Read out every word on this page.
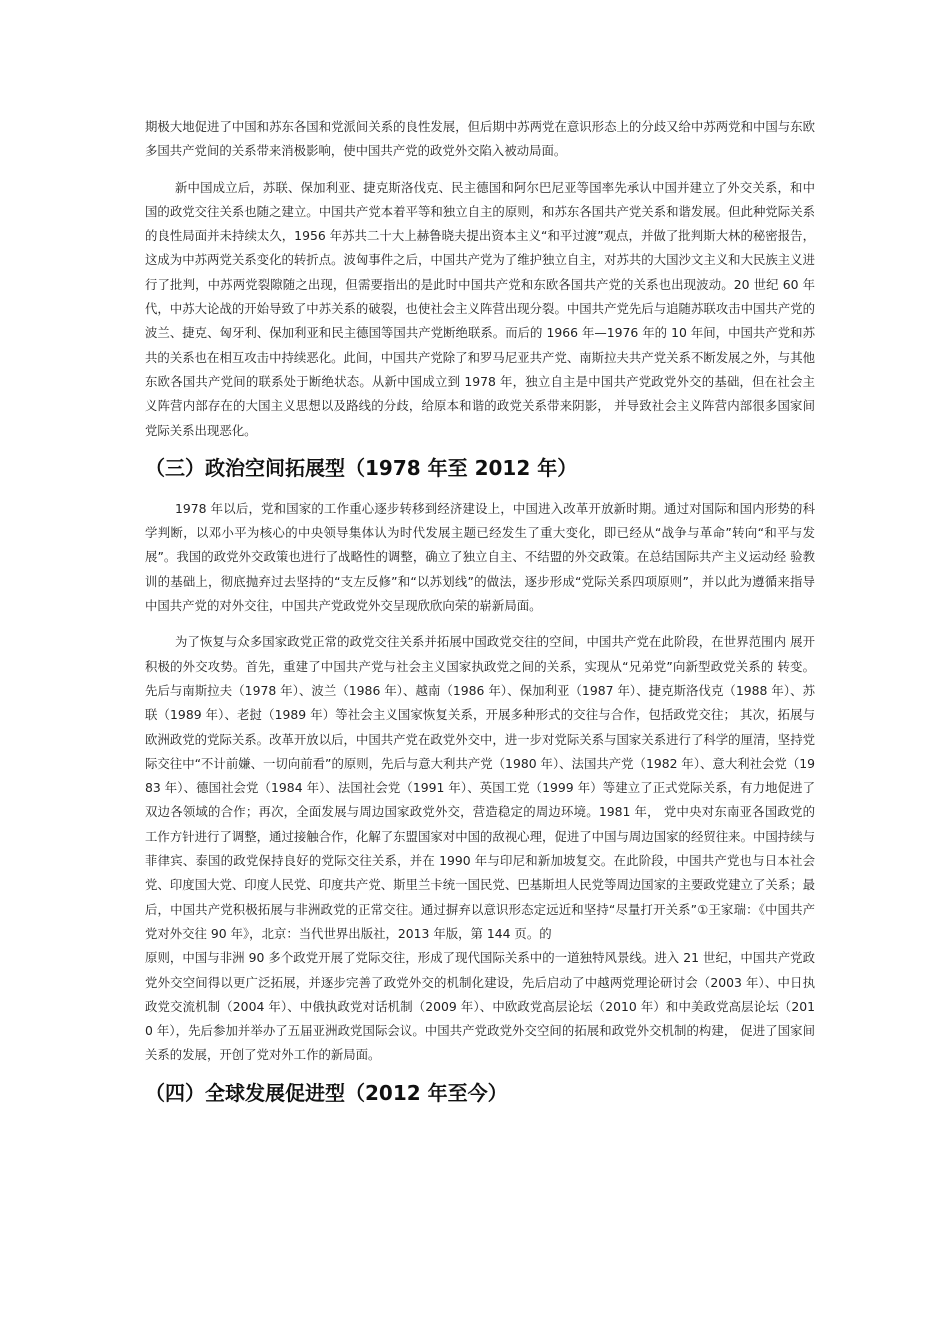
期极大地促进了中国和苏东各国和党派间关系的良性发展，但后期中苏两党在意识形态上的分歧又给中苏两党和中国与东欧多国共产党间的关系带来消极影响，使中国共产党的政党外交陷入被动局面。

新中国成立后，苏联、保加利亚、捷克斯洛伐克、民主德国和阿尔巴尼亚等国率先承认中国并建立了外交关系，和中国的政党交往关系也随之建立。中国共产党本着平等和独立自主的原则，和苏东各国共产党关系和谐发展。但此种党际关系的良性局面并未持续太久，1956 年苏共二十大上赫鲁晓夫提出资本主义“和平过渡”观点，并做了批判斯大林的秘密报告，这成为中苏两党关系变化的转折点。波匈事件之后，中国共产党为了维护独立自主，对苏共的大国沙文主义和大民族主义进行了批判，中苏两党裂隙随之出现，但需要指出的是此时中国共产党和东欧各国共产党的关系也出现波动。20 世纪 60 年代，中苏大论战的开始导致了中苏关系的破裂，也使社会主义阵营出现分裂。中国共产党先后与追随苏联攻击中国共产党的波兰、捷克、匈牙利、保加利亚和民主德国等国共产党断绝联系。而后的 1966 年—1976 年的 10 年间，中国共产党和苏共的关系也在相互攻击中持续恶化。此间，中国共产党除了和罗马尼亚共产党、南斯拉夫共产党关系不断发展之外，与其他东欧各国共产党间的联系处于断绝状态。从新中国成立到 1978 年，独立自主是中国共产党政党外交的基础，但在社会主义阵营内部存在的大国主义思想以及路线的分歧，给原本和谐的政党关系带来阴影， 并导致社会主义阵营内部很多国家间党际关系出现恶化。

（三）政治空间拓展型（1978 年至 2012 年）

1978 年以后，党和国家的工作重心逐步转移到经济建设上，中国进入改革开放新时期。通过对国际和国内形势的科学判断，以邓小平为核心的中央领导集体认为时代发展主题已经发生了重大变化，即已经从“战争与革命”转向“和平与发展”。我国的政党外交政策也进行了战略性的调整，确立了独立自主、不结盟的外交政策。在总结国际共产主义运动经 验教训的基础上，彻底抛弃过去坚持的“支左反修”和“以苏划线”的做法，逐步形成“党际关系四项原则”，并以此为遵循来指导中国共产党的对外交往，中国共产党政党外交呈现欣欣向荣的崭新局面。

为了恢复与众多国家政党正常的政党交往关系并拓展中国政党交往的空间，中国共产党在此阶段，在世界范围内 展开积极的外交攻势。首先，重建了中国共产党与社会主义国家执政党之间的关系，实现从“兄弟党”向新型政党关系的 转变。先后与南斯拉夫（1978 年）、波兰（1986 年）、越南（1986 年）、保加利亚（1987 年）、捷克斯洛伐克（1988 年）、苏联（1989 年）、老挝（1989 年）等社会主义国家恢复关系，开展多种形式的交往与合作，包括政党交往； 其次，拓展与欧洲政党的党际关系。改革开放以后，中国共产党在政党外交中，进一步对党际关系与国家关系进行了科学的厘清，坚持党际交往中“不计前嫌、一切向前看”的原则，先后与意大利共产党（1980 年）、法国共产党（1982 年）、意大利社会党（1983 年）、德国社会党（1984 年）、法国社会党（1991 年）、英国工党（1999 年）等建立了正式党际关系，有力地促进了双边各领域的合作；再次，全面发展与周边国家政党外交，营造稳定的周边环境。1981 年， 党中央对东南亚各国政党的工作方针进行了调整，通过接触合作，化解了东盟国家对中国的敌视心理，促进了中国与周边国家的经贸往来。中国持续与菲律宾、泰国的政党保持良好的党际交往关系，并在 1990 年与印尼和新加坡复交。在此阶段，中国共产党也与日本社会党、印度国大党、印度人民党、印度共产党、斯里兰卡统一国民党、巴基斯坦人民党等周边国家的主要政党建立了关系；最后，中国共产党积极拓展与非洲政党的正常交往。通过摒弃以意识形态定远近和坚持“尽量打开关系”①王家瑞：《中国共产党对外交往 90 年》，北京：当代世界出版社，2013 年版，第 144 页。的

原则，中国与非洲 90 多个政党开展了党际交往，形成了现代国际关系中的一道独特风景线。进入 21 世纪，中国共产党政党外交空间得以更广泛拓展，并逐步完善了政党外交的机制化建设，先后启动了中越两党理论研讨会（2003 年）、中日执政党交流机制（2004 年）、中俄执政党对话机制（2009 年）、中欧政党高层论坛（2010 年）和中美政党高层论坛（2010 年），先后参加并举办了五届亚洲政党国际会议。中国共产党政党外交空间的拓展和政党外交机制的构建， 促进了国家间关系的发展，开创了党对外工作的新局面。

（四）全球发展促进型（2012 年至今）
